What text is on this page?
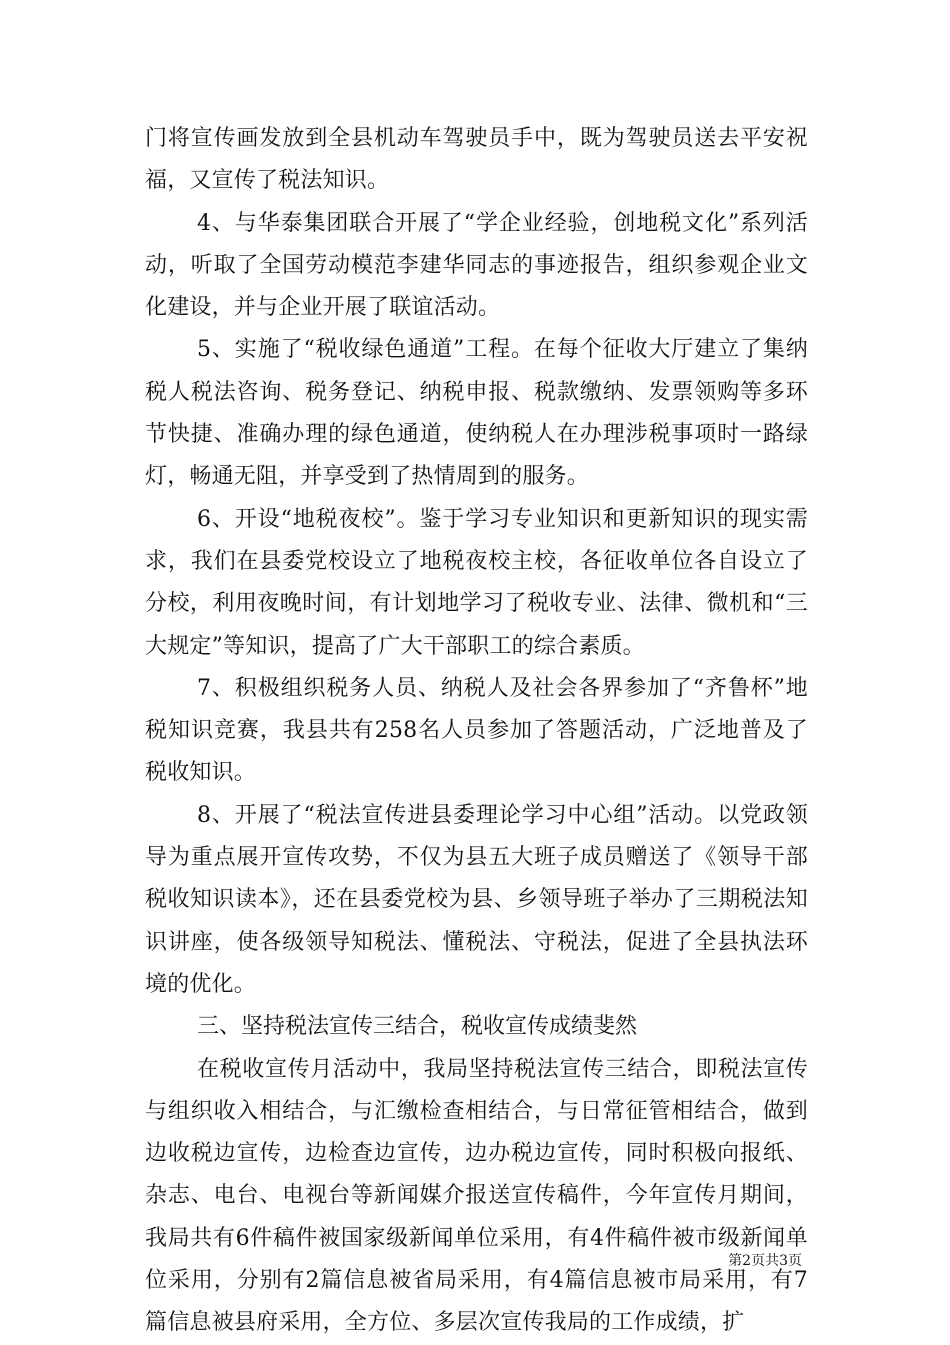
门将宣传画发放到全县机动车驾驶员手中，既为驾驶员送去平安祝福，又宣传了税法知识。

4、与华泰集团联合开展了“学企业经验，创地税文化”系列活动，听取了全国劳动模范李建华同志的事迹报告，组织参观企业文化建设，并与企业开展了联谊活动。

5、实施了“税收绿色通道”工程。在每个征收大厅建立了集纳税人税法咨询、税务登记、纳税申报、税款缴纳、发票领购等多环节快捷、准确办理的绿色通道，使纳税人在办理涉税事项时一路绿灯，畅通无阻，并享受到了热情周到的服务。

6、开设“地税夜校”。鉴于学习专业知识和更新知识的现实需求，我们在县委党校设立了地税夜校主校，各征收单位各自设立了分校，利用夜晚时间，有计划地学习了税收专业、法律、微机和“三大规定”等知识，提高了广大干部职工的综合素质。

7、积极组织税务人员、纳税人及社会各界参加了“齐鲁杯”地税知识竞赛，我县共有258名人员参加了答题活动，广泛地普及了税收知识。

8、开展了“税法宣传进县委理论学习中心组”活动。以党政领导为重点展开宣传攻势，不仅为县五大班子成员赠送了《领导干部税收知识读本》，还在县委党校为县、乡领导班子举办了三期税法知识讲座，使各级领导知税法、懂税法、守税法，促进了全县执法环境的优化。

三、坚持税法宣传三结合，税收宣传成绩斐然

在税收宣传月活动中，我局坚持税法宣传三结合，即税法宣传与组织收入相结合，与汇缴检查相结合，与日常征管相结合，做到边收税边宣传，边检查边宣传，边办税边宣传，同时积极向报纸、杂志、电台、电视台等新闻媒介报送宣传稿件，今年宣传月期间，我局共有6件稿件被国家级新闻单位采用，有4件稿件被市级新闻单位采用，分别有2篇信息被省局采用，有4篇信息被市局采用，有7篇信息被县府采用，全方位、多层次宣传我局的工作成绩，扩

第2页共3页
